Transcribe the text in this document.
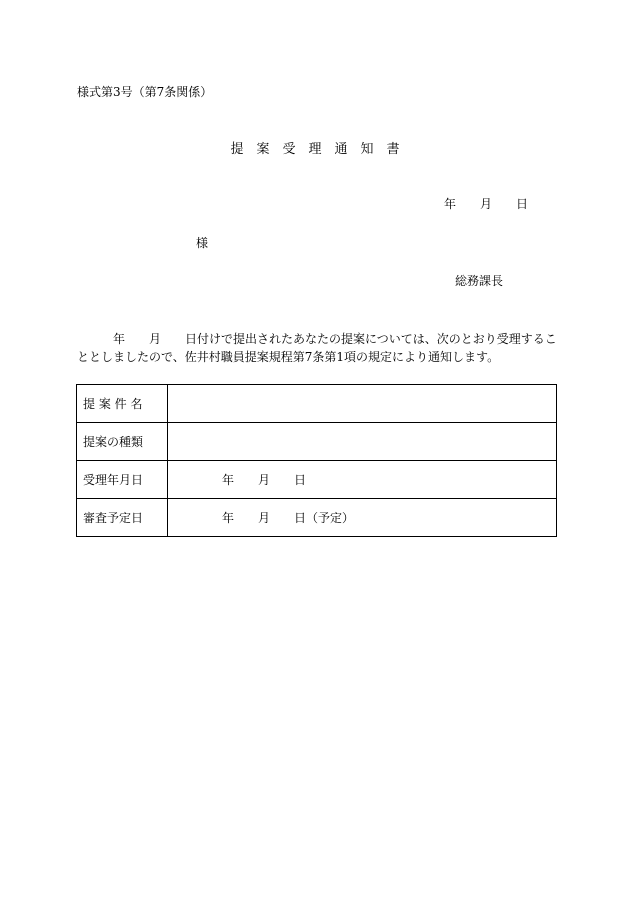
様式第3号（第7条関係）
提　案　受　理　通　知　書
年　　月　　日
様
総務課長
　　　年　　月　　日付けで提出されたあなたの提案については、次のとおり受理するこ
ととしましたので、佐井村職員提案規程第7条第1項の規定により通知します。
提 案 件 名	
提案の種類	
受理年月日	年　　月　　日
審査予定日	年　　月　　日（予定）
